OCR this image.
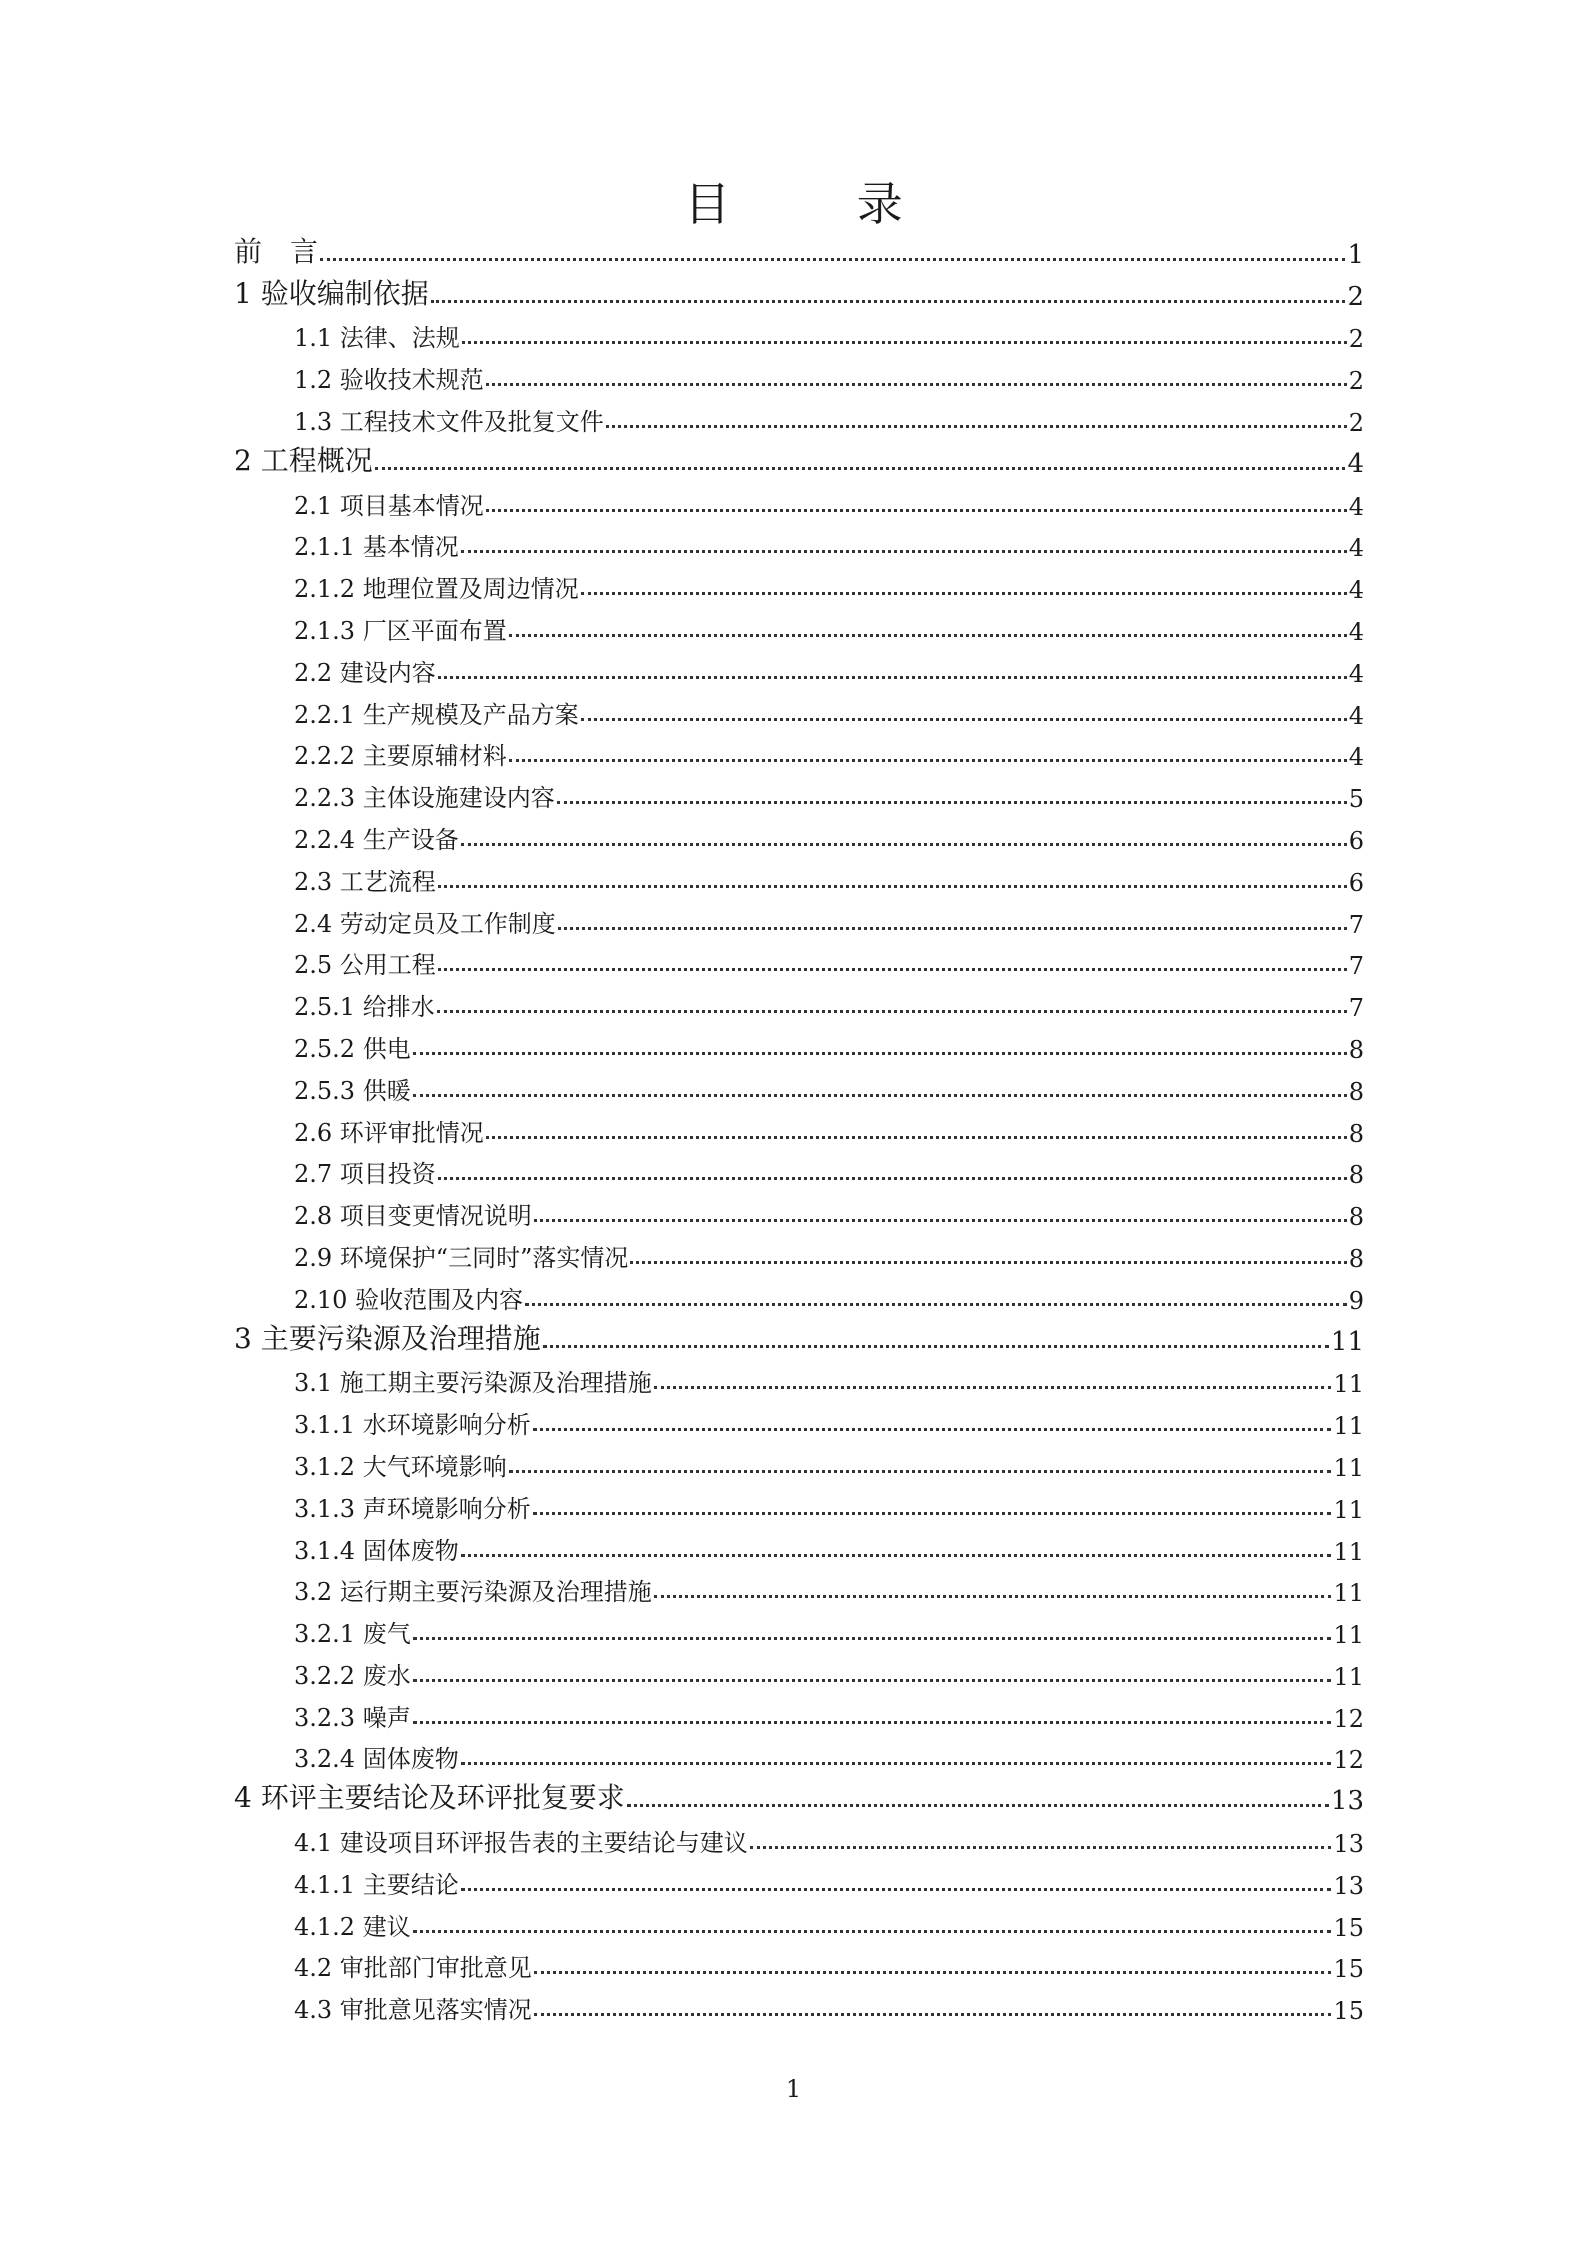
目 录
前　言	1
1 验收编制依据	2
1.1 法律、法规	2
1.2 验收技术规范	2
1.3 工程技术文件及批复文件	2
2 工程概况	4
2.1 项目基本情况	4
2.1.1 基本情况	4
2.1.2 地理位置及周边情况	4
2.1.3 厂区平面布置	4
2.2 建设内容	4
2.2.1 生产规模及产品方案	4
2.2.2 主要原辅材料	4
2.2.3 主体设施建设内容	5
2.2.4 生产设备	6
2.3 工艺流程	6
2.4 劳动定员及工作制度	7
2.5 公用工程	7
2.5.1 给排水	7
2.5.2 供电	8
2.5.3 供暖	8
2.6 环评审批情况	8
2.7 项目投资	8
2.8 项目变更情况说明	8
2.9 环境保护“三同时”落实情况	8
2.10 验收范围及内容	9
3 主要污染源及治理措施	11
3.1 施工期主要污染源及治理措施	11
3.1.1 水环境影响分析	11
3.1.2 大气环境影响	11
3.1.3 声环境影响分析	11
3.1.4 固体废物	11
3.2 运行期主要污染源及治理措施	11
3.2.1 废气	11
3.2.2 废水	11
3.2.3 噪声	12
3.2.4 固体废物	12
4 环评主要结论及环评批复要求	13
4.1 建设项目环评报告表的主要结论与建议	13
4.1.1 主要结论	13
4.1.2 建议	15
4.2 审批部门审批意见	15
4.3 审批意见落实情况	15
1
